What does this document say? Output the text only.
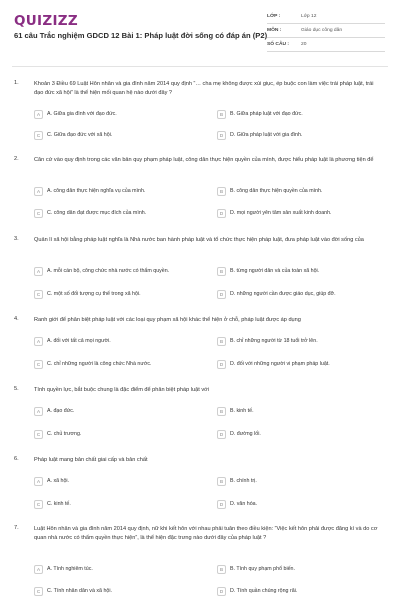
QUIZIZZ
61 câu Trắc nghiệm GDCD 12 Bài 1: Pháp luật đời sống có đáp án (P2)
LỚP :	Lớp 12
MÔN :	Giáo dục công dân
SỐ CÂU :	20
1.	Khoản 3 Điều 69 Luật Hôn nhân và gia đình năm 2014 quy định “… cha mẹ không được xúi giục, ép buộc con làm việc trái pháp luật, trái đạo đức xã hội” là thể hiện mối quan hệ nào dưới đây ?
A	A. Giữa gia đình với đạo đức.	B	B. Giữa pháp luật với đạo đức.
C	C. Giữa đạo đức với xã hội.	D	D. Giữa pháp luật với gia đình.
2.	Căn cứ vào quy định trong các văn bản quy phạm pháp luật, công dân thực hiện quyền của mình, được hiểu pháp luật là phương tiện để
A	A. công dân thực hiện nghĩa vụ của mình.	B	B. công dân thực hiện quyền của mình.
C	C. công dân đạt được mục đích của mình.	D	D. mọi người yên tâm sản xuất kinh doanh.
3.	Quản lí xã hội bằng pháp luật nghĩa là Nhà nước ban hành pháp luật và tổ chức thực hiện pháp luật, đưa pháp luật vào đời sống của
A	A. mỗi cán bộ, công chức nhà nước có thẩm quyền.	B	B. từng người dân và của toàn xã hội.
C	C. một số đối tượng cụ thể trong xã hội.	D	D. những người cần được giáo dục, giúp đỡ.
4.	Ranh giới để phân biệt pháp luật với các loại quy phạm xã hội khác thể hiện ở chỗ, pháp luật được áp dụng
A	A. đối với tất cả mọi người.	B	B. chỉ những người từ 18 tuổi trở lên.
C	C. chỉ những người là công chức Nhà nước.	D	D. đối với những người vi phạm pháp luật.
5.	Tính quyền lực, bắt buộc chung là đặc điểm để phân biệt pháp luật với
A	A. đạo đức.	B	B. kinh tế.
C	C. chủ trương.	D	D. đường lối.
6.	Pháp luật mang bản chất giai cấp và bản chất
A	A. xã hội.	B	B. chính trị.
C	C. kinh tế.	D	D. văn hóa.
7.	Luật Hôn nhân và gia đình năm 2014 quy định, nữ khi kết hôn với nhau phải tuân theo điều kiện: “Việc kết hôn phải được đăng kí và do cơ quan nhà nước có thẩm quyền thực hiện”, là thể hiện đặc trưng nào dưới đây của pháp luật ?
A	A. Tính nghiêm túc.	B	B. Tính quy phạm phổ biến.
C	C. Tính nhân dân và xã hội.	D	D. Tính quần chúng rộng rãi.
